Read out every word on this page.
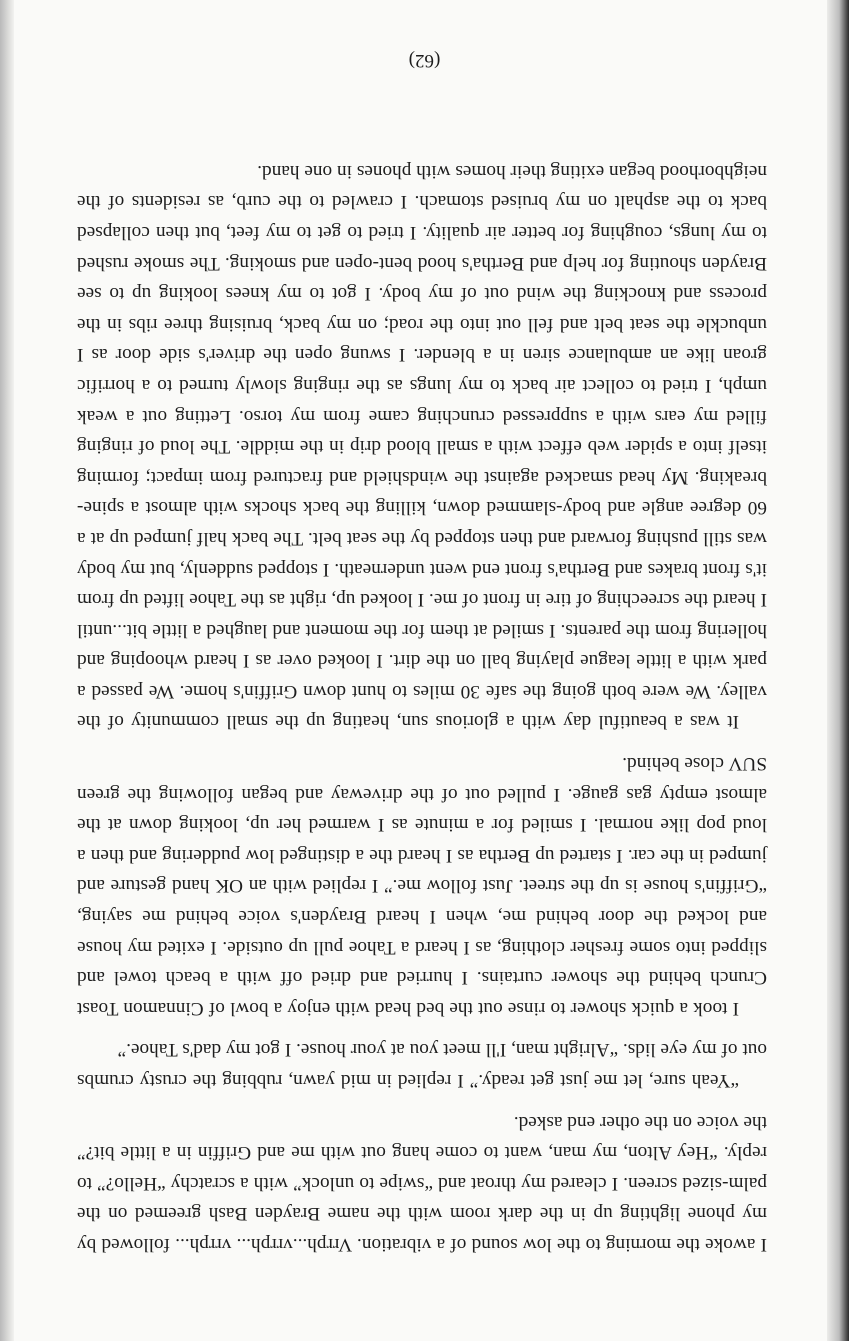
I awoke the morning to the low sound of a vibration. Vrrph...vrrph... vrrph... followed by my phone lighting up in the dark room with the name Brayden Bash greemed on the palm-sized screen. I cleared my throat and “swipe to unlock” with a scratchy “Hello?” to reply. “Hey Alton, my man, want to come hang out with me and Griffin in a little bit?” the voice on the other end asked.

“Yeah sure, let me just get ready.” I replied in mid yawn, rubbing the crusty crumbs out of my eye lids. “Alright man, I'll meet you at your house. I got my dad's Tahoe.”

I took a quick shower to rinse out the bed head with enjoy a bowl of Cinnamon Toast Crunch behind the shower curtains. I hurried and dried off with a beach towel and slipped into some fresher clothing, as I heard a Tahoe pull up outside. I exited my house and locked the door behind me, when I heard Brayden's voice behind me saying, “Griffin's house is up the street. Just follow me.” I replied with an OK hand gesture and jumped in the car. I started up Bertha as I heard the a distinged low puddering and then a loud pop like normal. I smiled for a minute as I warmed her up, looking down at the almost empty gas gauge. I pulled out of the driveway and began following the green SUV close behind.

It was a beautiful day with a glorious sun, heating up the small community of the valley. We were both going the safe 30 miles to hunt down Griffin's home. We passed a park with a little league playing ball on the dirt. I looked over as I heard whooping and hollering from the parents. I smiled at them for the moment and laughed a little bit...until I heard the screeching of tire in front of me. I looked up, right as the Tahoe lifted up from it's front brakes and Bertha's front end went underneath. I stopped suddenly, but my body was still pushing forward and then stopped by the seat belt. The back half jumped up at a 60 degree angle and body-slammed down, killing the back shocks with almost a spine-breaking. My head smacked against the windshield and fractured from impact; forming itself into a spider web effect with a small blood drip in the middle. The loud of ringing filled my ears with a suppressed crunching came from my torso. Letting out a weak umph, I tried to collect air back to my lungs as the ringing slowly turned to a horrific groan like an ambulance siren in a blender. I swung open the driver's side door as I unbuckle the seat belt and fell out into the road; on my back, bruising three ribs in the process and knocking the wind out of my body. I got to my knees looking up to see Brayden shouting for help and Bertha's hood bent-open and smoking. The smoke rushed to my lungs, coughing for better air quality. I tried to get to my feet, but then collapsed back to the asphalt on my bruised stomach. I crawled to the curb, as residents of the neighborhood began exiting their homes with phones in one hand.

(62)
